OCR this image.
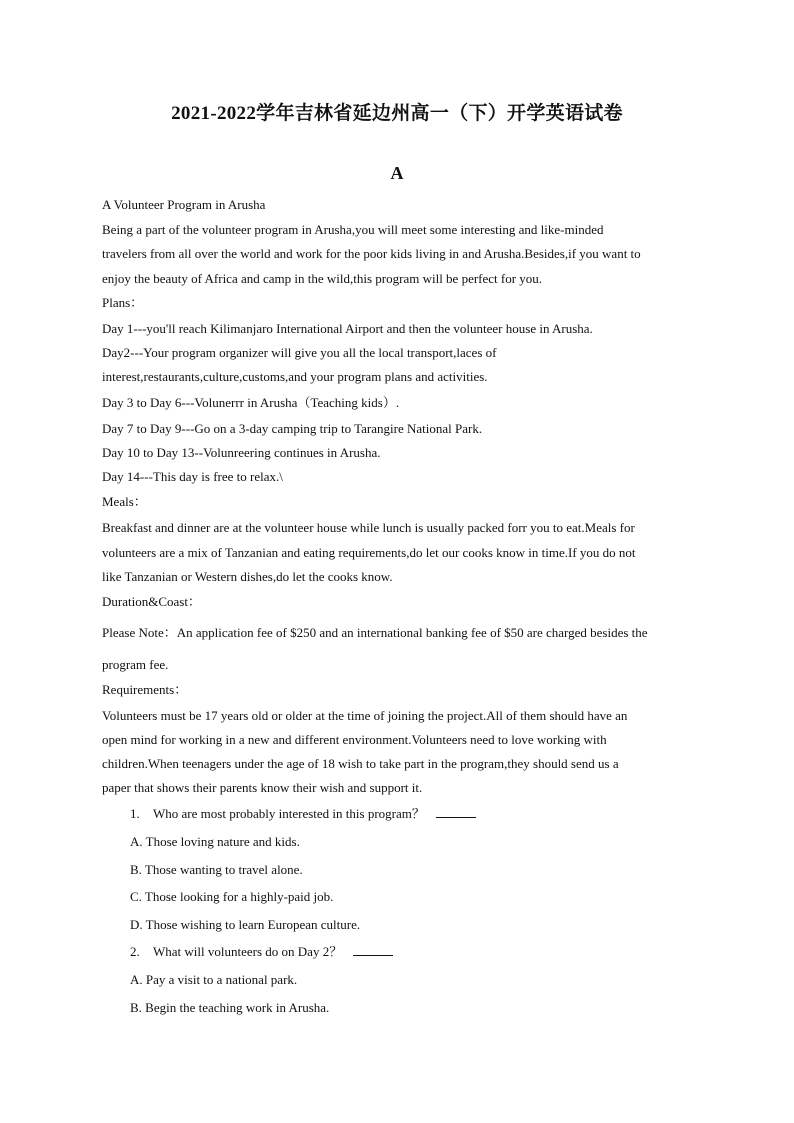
2021-2022学年吉林省延边州高一（下）开学英语试卷
A
A Volunteer Program in Arusha
Being a part of the volunteer program in Arusha,you will meet some interesting and like-minded
travelers from all over the world and work for the poor kids living in and Arusha.Besides,if you want to
enjoy the beauty of Africa and camp in the wild,this program will be perfect for you.
Plans：
Day 1---you'll reach Kilimanjaro International Airport and then the volunteer house in Arusha.
Day2---Your program organizer will give you all the local transport,laces of
interest,restaurants,culture,customs,and your program plans and activities.
Day 3 to Day 6---Volunerrr in Arusha（Teaching kids）.
Day 7 to Day 9---Go on a 3-day camping trip to Tarangire National Park.
Day 10 to Day 13--Volunreering continues in Arusha.
Day 14---This day is free to relax.\
Meals：
Breakfast and dinner are at the volunteer house while lunch is usually packed forr you to eat.Meals for
volunteers are a mix of Tanzanian and eating requirements,do let our cooks know in time.If you do not
like Tanzanian or Western dishes,do let the cooks know.
Duration&Coast：
Please Note：An application fee of $250 and an international banking fee of $50 are charged besides the
program fee.
Requirements：
Volunteers must be 17 years old or older at the time of joining the project.All of them should have an
open mind for working in a new and different environment.Volunteers need to love working with
children.When teenagers under the age of 18 wish to take part in the program,they should send us a
paper that shows their parents know their wish and support it.
1. Who are most probably interested in this program？
A. Those loving nature and kids.
B. Those wanting to travel alone.
C. Those looking for a highly-paid job.
D. Those wishing to learn European culture.
2. What will volunteers do on Day 2？
A. Pay a visit to a national park.
B. Begin the teaching work in Arusha.
